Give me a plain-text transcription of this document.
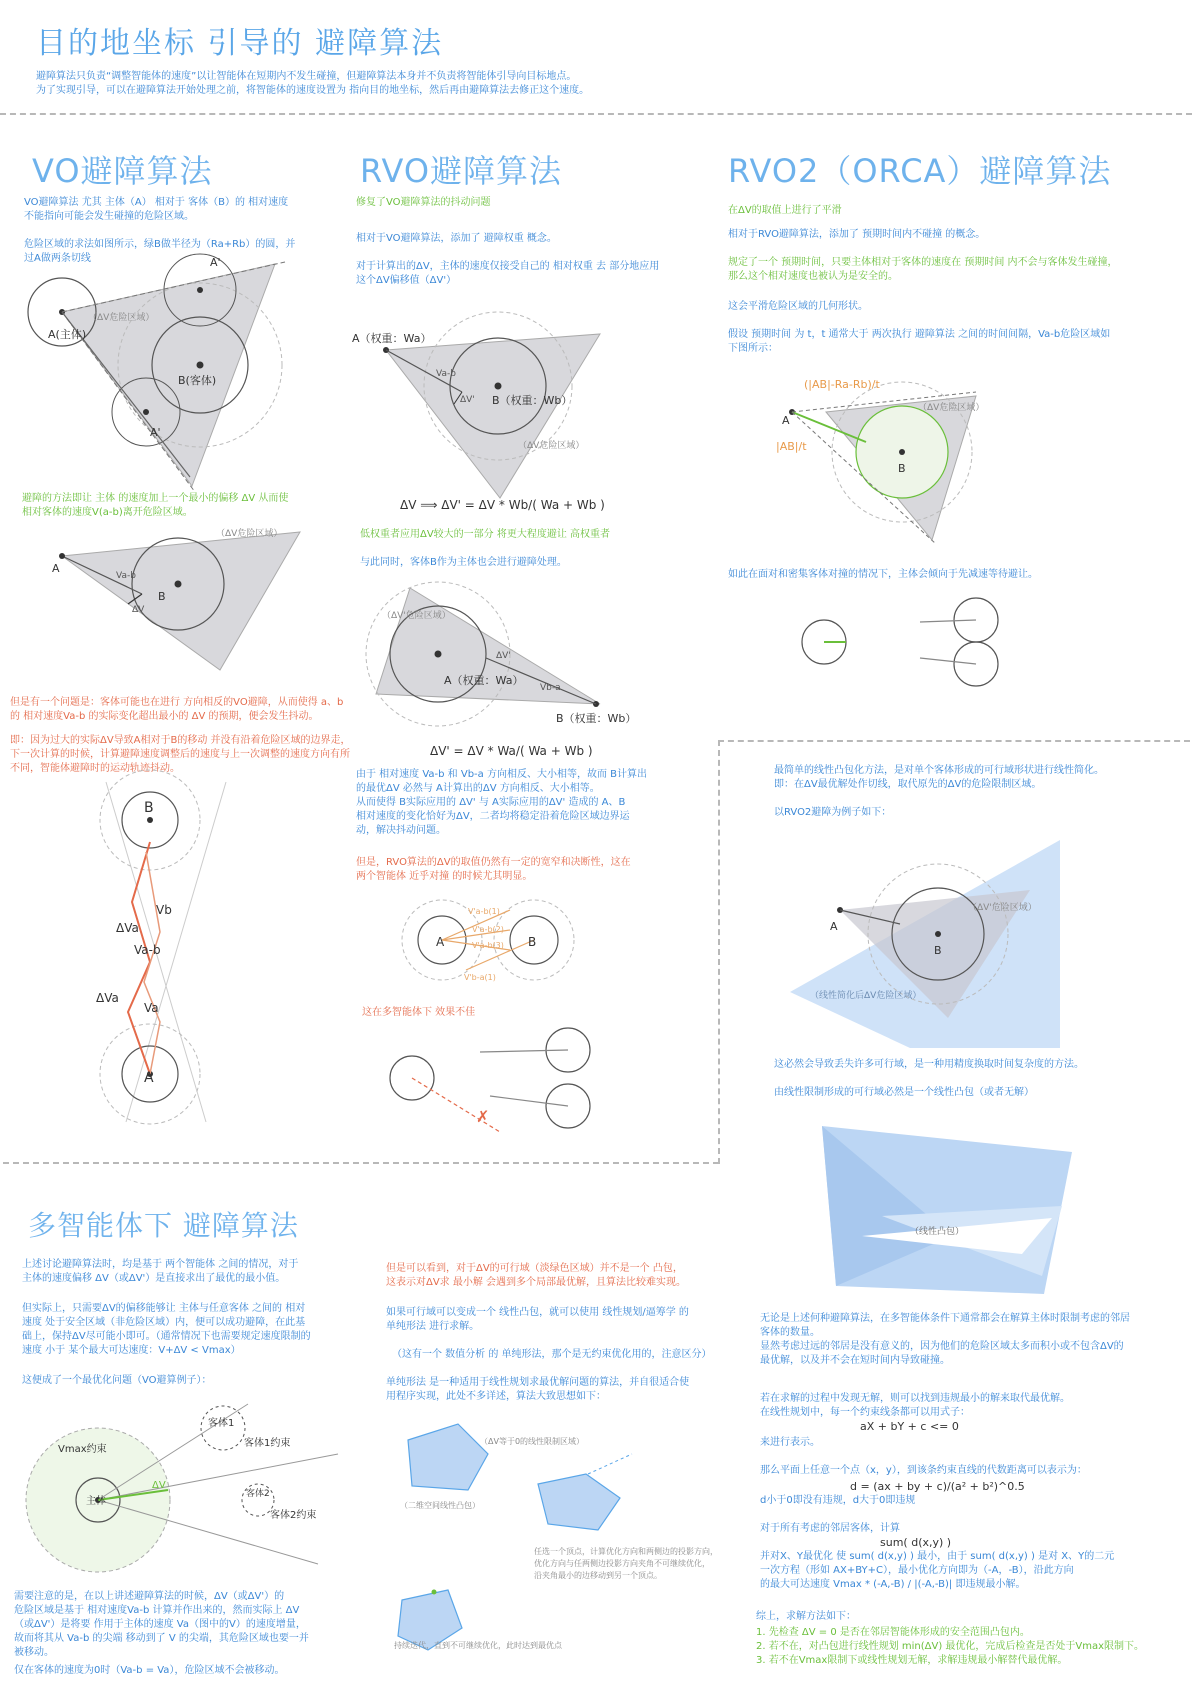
目的地坐标 引导的 避障算法
避障算法只负责“调整智能体的速度”以让智能体在短期内不发生碰撞，但避障算法本身并不负责将智能体引导向目标地点。
为了实现引导，可以在避障算法开始处理之前，将智能体的速度设置为 指向目的地坐标，然后再由避障算法去修正这个速度。
VO避障算法
VO避障算法 尤其 主体（A） 相对于 客体（B）的 相对速度
不能指向可能会发生碰撞的危险区域。
危险区域的求法如图所示，绿B做半径为（Ra+Rb）的圆，并
过A做两条切线
A(主体)
（ΔV危险区域）
B(客体)
A'
A'
避障的方法即让 主体 的速度加上一个最小的偏移 ΔV 从而使
相对客体的速度V(a-b)离开危险区域。
（ΔV危险区域）
A
B
Va-b
ΔV
但是有一个问题是：客体可能也在进行 方向相反的VO避障，从而使得 a、b
的 相对速度Va-b 的实际变化超出最小的 ΔV 的预期，便会发生抖动。
即：因为过大的实际ΔV导致A相对于B的移动 并没有沿着危险区域的边界走，
下一次计算的时候，计算避障速度调整后的速度与上一次调整的速度方向有所
不同，智能体避障时的运动轨迹抖动。
B
A
Vb
ΔVa
Va-b
ΔVa
Va
RVO避障算法
修复了VO避障算法的抖动问题
相对于VO避障算法，添加了 避障权重 概念。
对于计算出的ΔV，主体的速度仅接受自己的 相对权重 去 部分地应用
这个ΔV偏移值（ΔV'）
A（权重：Wa）
B（权重：Wb）
Va-b
ΔV'
（ΔV危险区域）
ΔV ⟹ ΔV' = ΔV * Wb/( Wa + Wb )
低权重者应用ΔV较大的一部分 将更大程度避让 高权重者
与此同时，客体B作为主体也会进行避障处理。
（ΔV'危险区域）
A（权重：Wa）
B（权重：Wb）
ΔV'
Vb-a
ΔV' = ΔV * Wa/( Wa + Wb )
由于 相对速度 Va-b 和 Vb-a 方向相反、大小相等，故而 B计算出
的最优ΔV 必然与 A计算出的ΔV 方向相反、大小相等。
从而使得 B实际应用的 ΔV' 与 A实际应用的ΔV' 造成的 A、B
相对速度的变化恰好为ΔV，二者均将稳定沿着危险区域边界运
动，解决抖动问题。
但是，RVO算法的ΔV的取值仍然有一定的宽窄和决断性，这在
两个智能体 近乎对撞 的时候尤其明显。
A	B
V'a-b(1)
V'a-b(2)
V'a-b(3)
V'b-a(1)
这在多智能体下 效果不佳
✗
RVO2（ORCA）避障算法
在ΔV的取值上进行了平滑
相对于RVO避障算法，添加了 预期时间内不碰撞 的概念。
规定了一个 预期时间，只要主体相对于客体的速度在 预期时间 内不会与客体发生碰撞，
那么这个相对速度也被认为是安全的。
这会平滑危险区域的几何形状。
假设 预期时间 为 t，t 通常大于 两次执行 避障算法 之间的时间间隔，Va-b危险区域如
下图所示：
(|AB|-Ra-Rb)/t
|AB|/t
（ΔV危险区域）
A
B
如此在面对和密集客体对撞的情况下，主体会倾向于先减速等待避让。
最简单的线性凸包化方法，是对单个客体形成的可行域形状进行线性简化。
即：在ΔV最优解处作切线，取代原先的ΔV的危险限制区域。
以RVO2避障为例子如下：
（ΔV'危险区域）
（线性简化后ΔV危险区域）
A
B
这必然会导致丢失许多可行域，是一种用精度换取时间复杂度的方法。
由线性限制形成的可行域必然是一个线性凸包（或者无解）
（线性凸包）
多智能体下 避障算法
上述讨论避障算法时，均是基于 两个智能体 之间的情况，对于
主体的速度偏移 ΔV（或ΔV'）是直接求出了最优的最小值。
但实际上，只需要ΔV的偏移能够让 主体与任意客体 之间的 相对
速度 处于安全区域（非危险区域）内，便可以成功避障，在此基
础上，保持ΔV尽可能小即可。（通常情况下也需要规定速度限制的
速度 小于 某个最大可达速度：V+ΔV < Vmax）
这便成了一个最优化问题（VO避算例子）：
Vmax约束
主体
客体1
客体1约束
客体2
客体2约束
ΔV
需要注意的是，在以上讲述避障算法的时候，ΔV（或ΔV'）的
危险区域是基于 相对速度Va-b 计算并作出来的，然而实际上 ΔV
（或ΔV'）是将要 作用于主体的速度 Va（图中的V）的速度增量，
故而将其从 Va-b 的尖端 移动到了 V 的尖端，其危险区域也要一并
被移动。
仅在客体的速度为0时（Va-b = Va），危险区域不会被移动。
但是可以看到，对于ΔV的可行域（淡绿色区域）并不是一个 凸包，
这表示对ΔV求 最小解 会遇到多个局部最优解，且算法比较难实现。
如果可行域可以变成一个 线性凸包，就可以使用 线性规划/逼筹学 的
单纯形法 进行求解。
（这有一个 数值分析 的 单纯形法，那个是无约束优化用的，注意区分）
单纯形法 是一种适用于线性规划求最优解问题的算法，并自很适合使
用程序实现，此处不多详述，算法大致思想如下：
（ΔV等于0的线性限制区域）
（二维空间线性凸包）
任选一个顶点，计算优化方向和两侧边的投影方向，
优化方向与任两侧边投影方向夹角不可继续优化，
沿夹角最小的边移动到另一个顶点。
持续迭代，直到不可继续优化，此时达到最优点
无论是上述何种避障算法，在多智能体条件下通常都会在解算主体时限制考虑的邻居
客体的数量。
显然考虑过远的邻居是没有意义的，因为他们的危险区域太多而积小或不包含ΔV的
最优解，以及并不会在短时间内导致碰撞。
若在求解的过程中发现无解，则可以找到违规最小的解来取代最优解。
在线性规划中，每一个约束线条都可以用式子：
aX + bY + c <= 0
来进行表示。
那么平面上任意一个点（x，y），到该条约束直线的代数距离可以表示为：
d = (ax + by + c)/(a² + b²)^0.5
d小于0即没有违规，d大于0即违规
对于所有考虑的邻居客体，计算
sum( d(x,y) )
并对X、Y最优化 使 sum( d(x,y) ) 最小，由于 sum( d(x,y) ) 是对 X、Y的二元
一次方程（形如 AX+BY+C），最小优化方向即为（-A，-B），沿此方向
的最大可达速度 Vmax * (-A,-B) / |(-A,-B)| 即违规最小解。
综上，求解方法如下：
1. 先检查 ΔV = 0 是否在邻居智能体形成的安全范围凸包内。
2. 若不在，对凸包进行线性规划 min(ΔV) 最优化，完成后检查是否处于Vmax限制下。
3. 若不在Vmax限制下或线性规划无解，求解违规最小解替代最优解。
